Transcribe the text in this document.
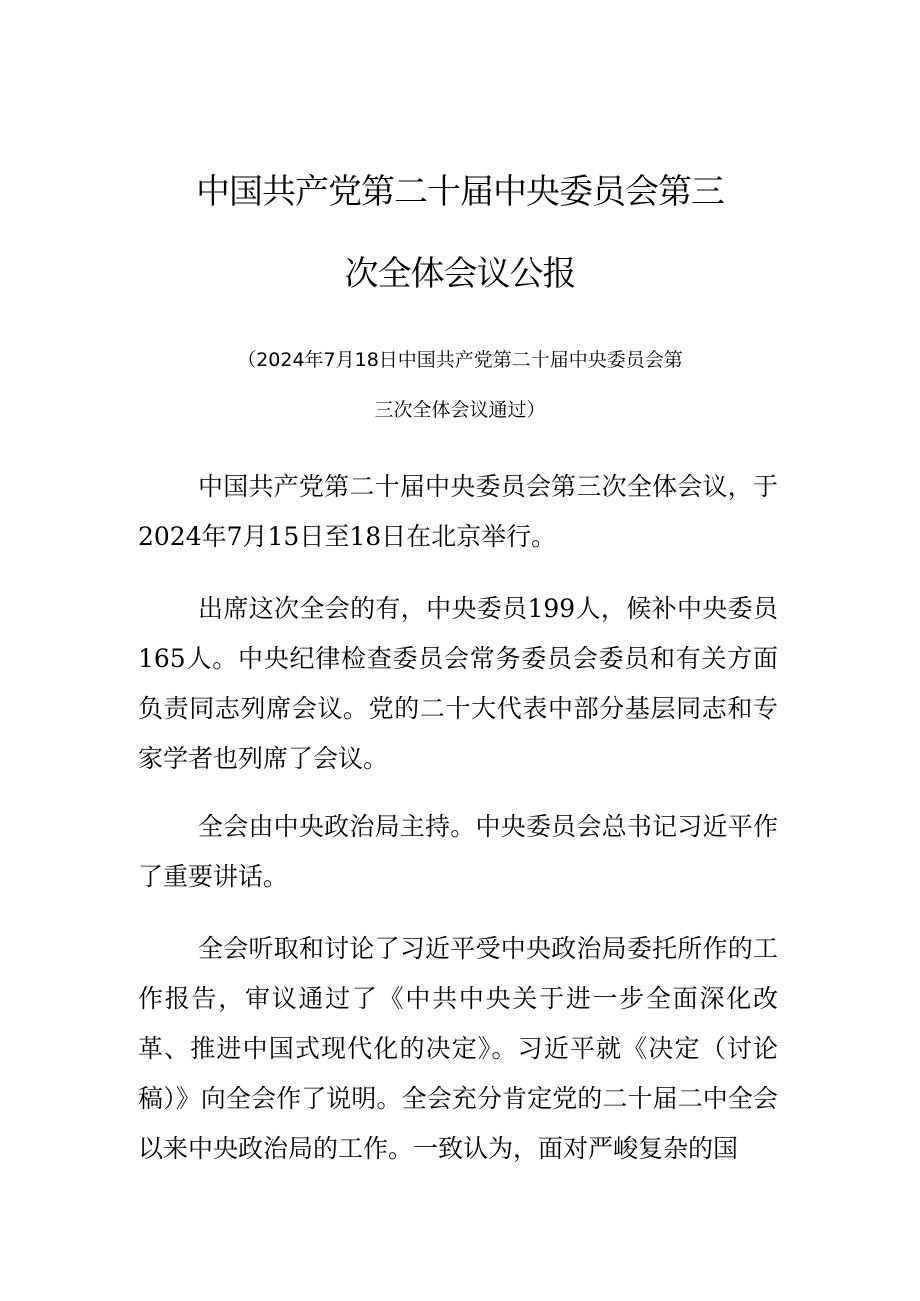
中国共产党第二十届中央委员会第三
次全体会议公报
（2024年7月18日中国共产党第二十届中央委员会第
三次全体会议通过）

中国共产党第二十届中央委员会第三次全体会议，于2024年7月15日至18日在北京举行。

出席这次全会的有，中央委员199人，候补中央委员165人。中央纪律检查委员会常务委员会委员和有关方面负责同志列席会议。党的二十大代表中部分基层同志和专家学者也列席了会议。

全会由中央政治局主持。中央委员会总书记习近平作了重要讲话。

全会听取和讨论了习近平受中央政治局委托所作的工作报告，审议通过了《中共中央关于进一步全面深化改革、推进中国式现代化的决定》。习近平就《决定（讨论稿）》向全会作了说明。全会充分肯定党的二十届二中全会以来中央政治局的工作。一致认为，面对严峻复杂的国
